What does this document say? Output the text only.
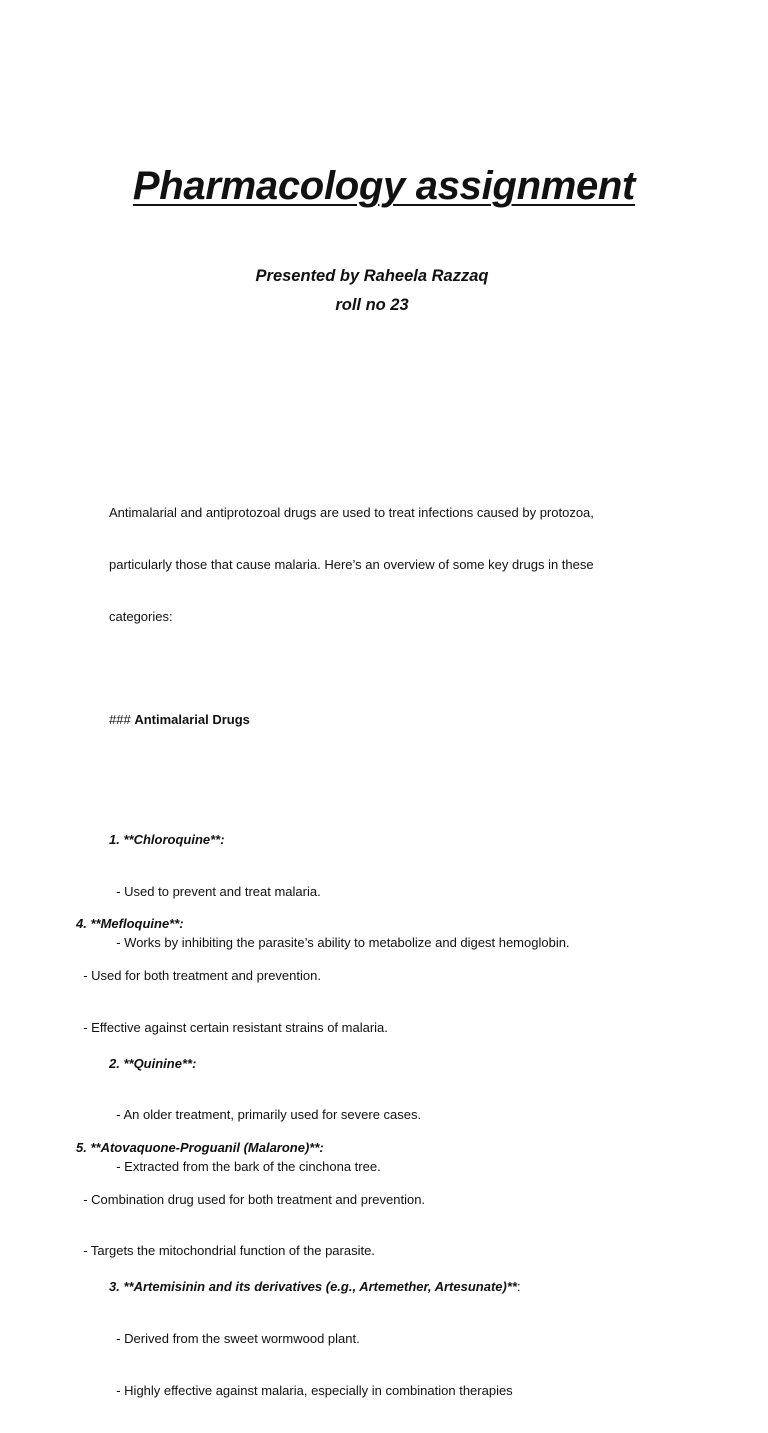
Pharmacology assignment
Presented by Raheela Razzaq
roll no 23

Antimalarial and antiprotozoal drugs are used to treat infections caused by protozoa,

particularly those that cause malaria. Here’s an overview of some key drugs in these

categories:

### Antimalarial Drugs

1. **Chloroquine**:

- Used to prevent and treat malaria.

- Works by inhibiting the parasite’s ability to metabolize and digest hemoglobin.

2. **Quinine**:

- An older treatment, primarily used for severe cases.

- Extracted from the bark of the cinchona tree.

3. **Artemisinin and its derivatives (e.g., Artemether, Artesunate)**:

- Derived from the sweet wormwood plant.

- Highly effective against malaria, especially in combination therapies

4. **Mefloquine**:

- Used for both treatment and prevention.

- Effective against certain resistant strains of malaria.

5. **Atovaquone-Proguanil (Malarone)**:

- Combination drug used for both treatment and prevention.

- Targets the mitochondrial function of the parasite.
